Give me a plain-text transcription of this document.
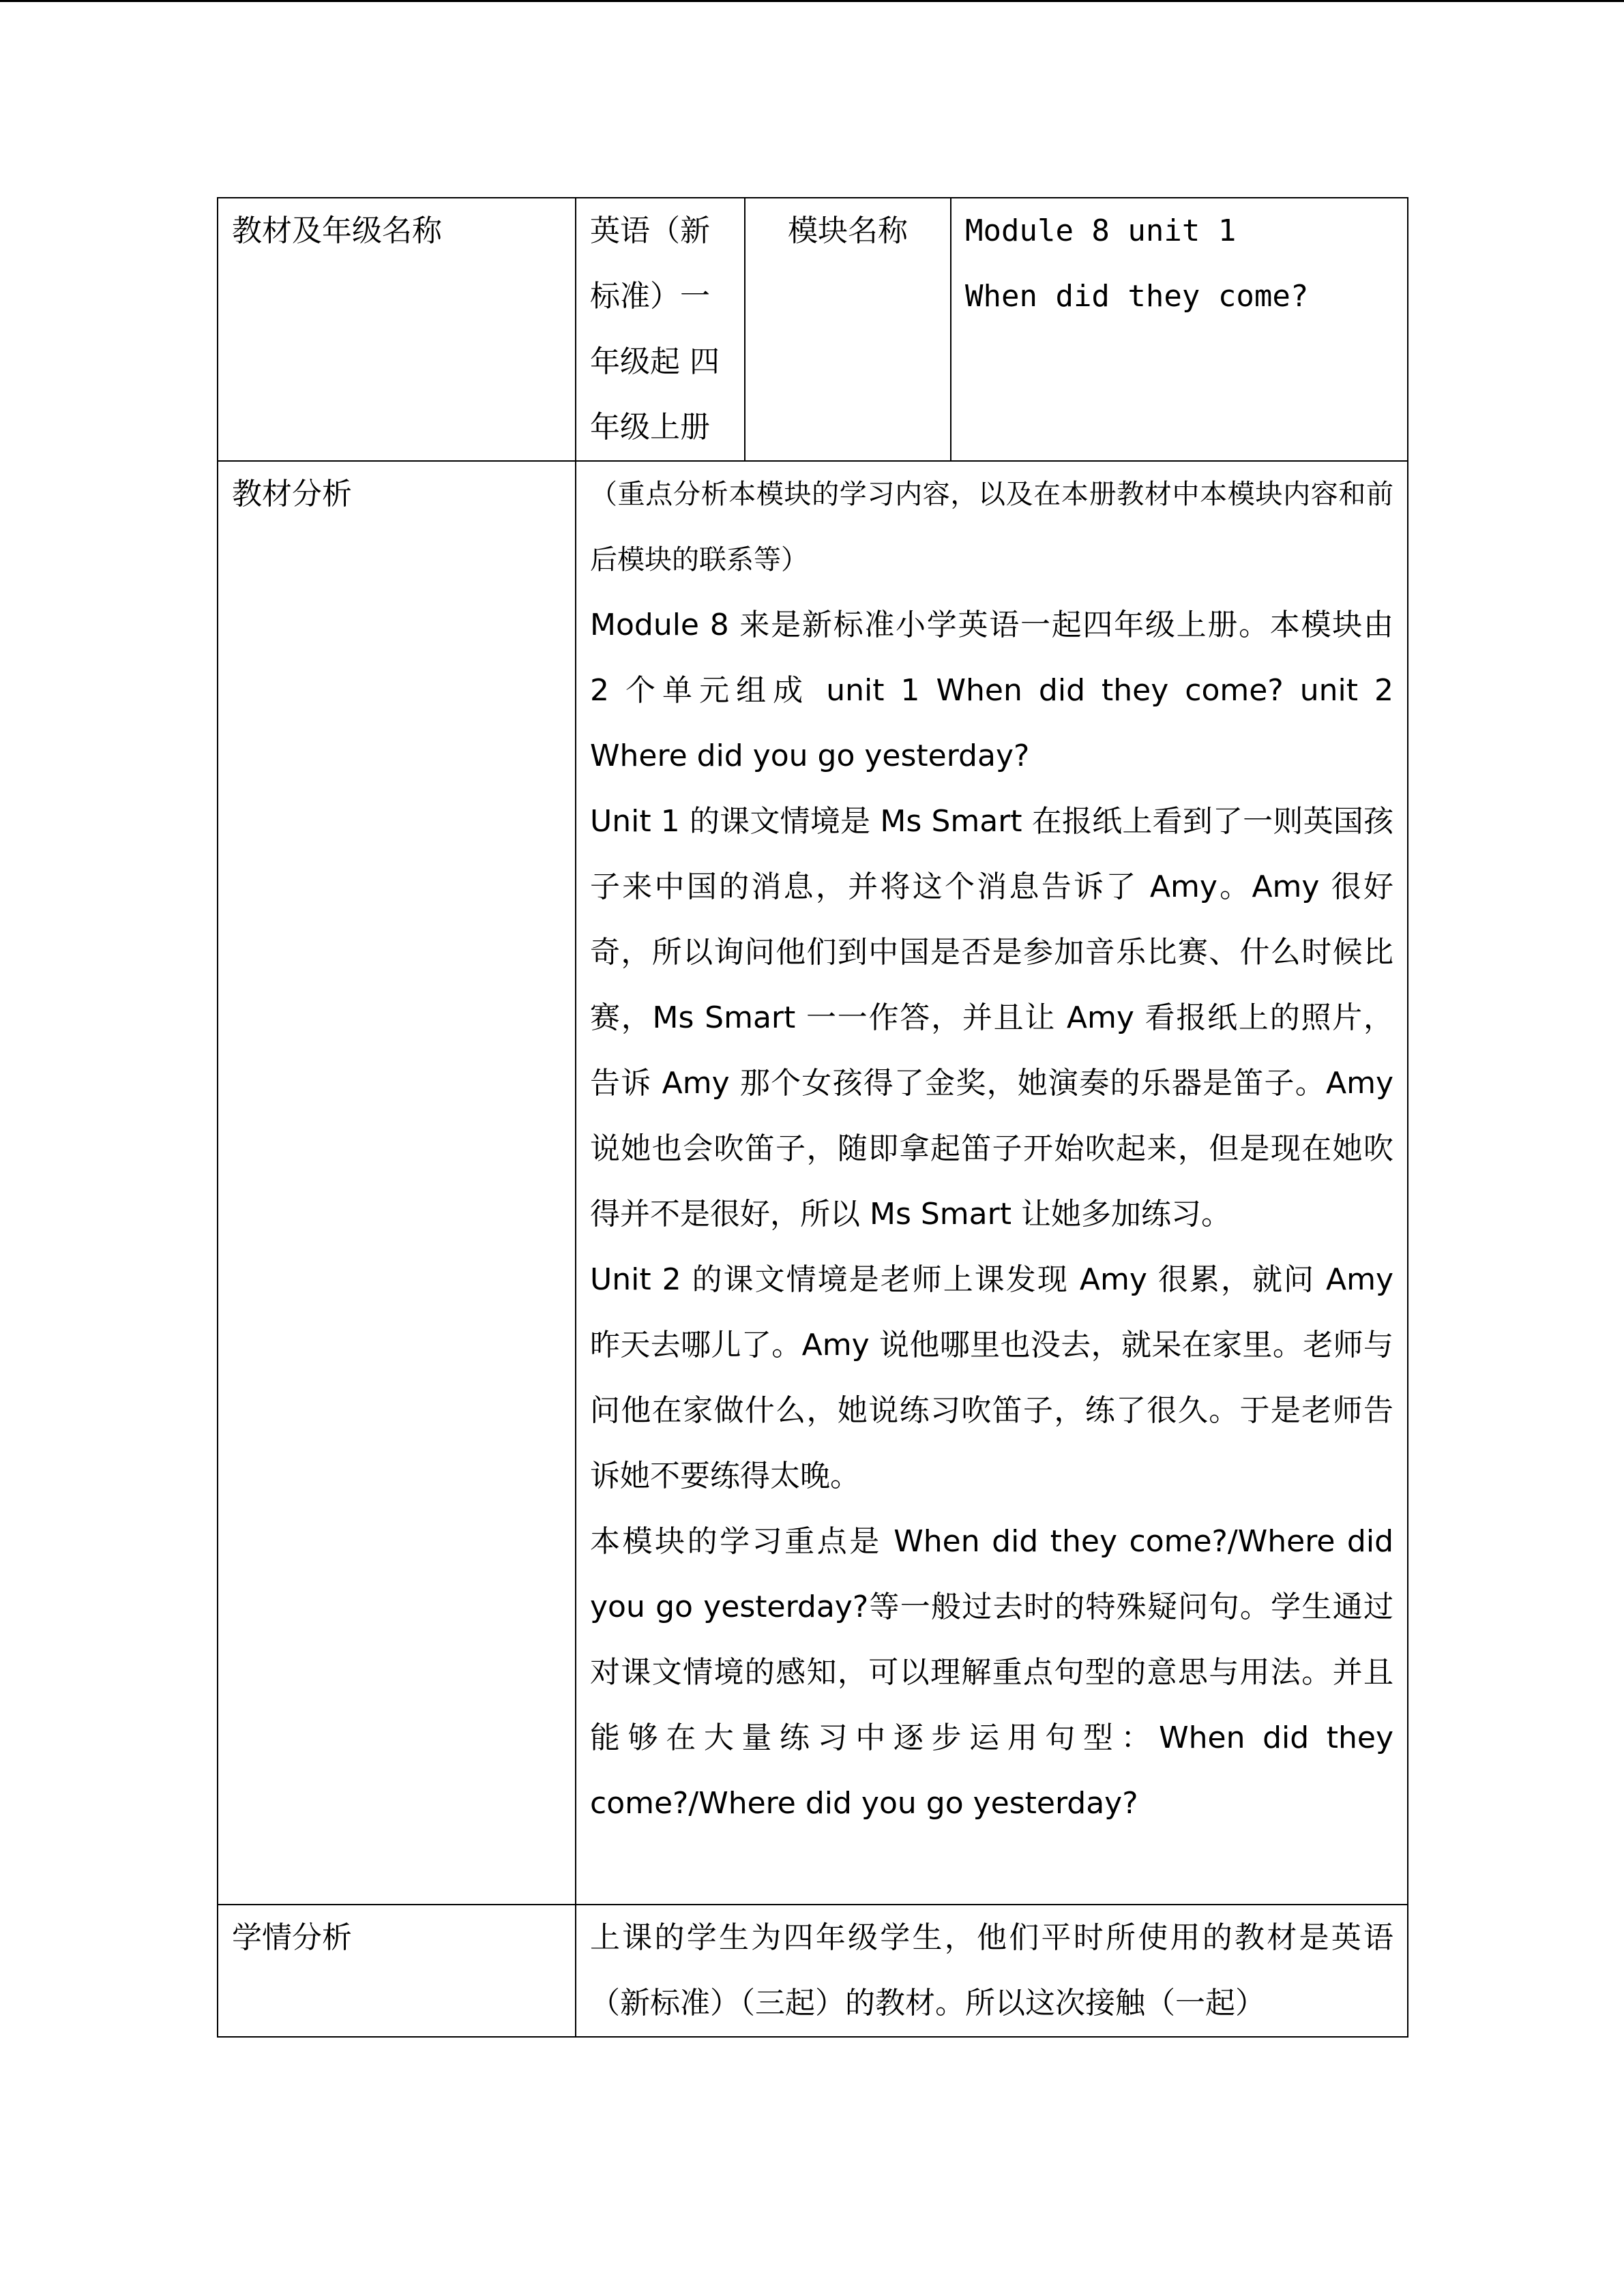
教材及年级名称	英语（新标准）一年级起 四年级上册	模块名称	Module 8 unit 1
When did they come?

教材分析	（重点分析本模块的学习内容，以及在本册教材中本模块内容和前后模块的联系等）

Module 8 来是新标准小学英语一起四年级上册。本模块由 2 个单元组成 unit 1 When did they come? unit 2 Where did you go yesterday?

Unit 1 的课文情境是 Ms Smart 在报纸上看到了一则英国孩子来中国的消息，并将这个消息告诉了 Amy。Amy 很好奇，所以询问他们到中国是否是参加音乐比赛、什么时候比赛，Ms Smart 一一作答，并且让 Amy 看报纸上的照片，告诉 Amy 那个女孩得了金奖，她演奏的乐器是笛子。Amy 说她也会吹笛子，随即拿起笛子开始吹起来，但是现在她吹得并不是很好，所以 Ms Smart 让她多加练习。

Unit 2 的课文情境是老师上课发现 Amy 很累，就问 Amy 昨天去哪儿了。Amy 说他哪里也没去，就呆在家里。老师与问他在家做什么，她说练习吹笛子，练了很久。于是老师告诉她不要练得太晚。

本模块的学习重点是 When did they come?/Where did you go yesterday?等一般过去时的特殊疑问句。学生通过对课文情境的感知，可以理解重点句型的意思与用法。并且能够在大量练习中逐步运用句型：When did they come?/Where did you go yesterday?		

学情分析	上课的学生为四年级学生，他们平时所使用的教材是英语（新标准）（三起）的教材。所以这次接触（一起）		
